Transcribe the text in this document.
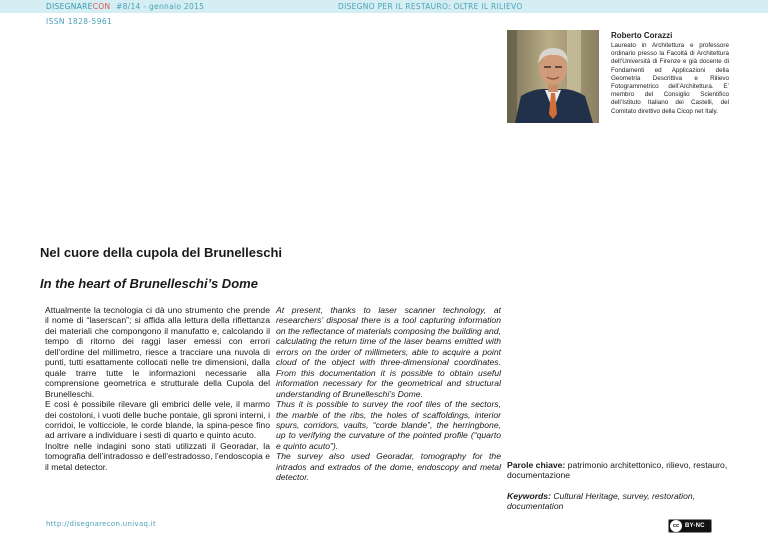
DISEGNARECON #8/14 - gennaio 2015	DISEGNO PER IL RESTAURO: OLTRE IL RILIEVO
ISSN 1828-5961
Roberto Corazzi
Laureato in Architettura e professore ordinario presso la Facoltà di Architettura dell’Università di Firenze e già docente di Fondamenti ed Applicazioni della Geometria Descrittiva e Rilievo Fotogrammetrico dell’Architettura. E’ membro del Consiglio Scientifico dell’Istituto Italiano dei Castelli, del Comitato direttivo della Cicop net Italy.
Nel cuore della cupola del Brunelleschi
In the heart of Brunelleschi’s Dome

Attualmente la tecnologia ci dà uno strumento che prende il nome di “laserscan”; si affida alla lettura della riflettanza dei materiali che compongono il manufatto e, calcolando il tempo di ritorno dei raggi laser emessi con errori dell’ordine del millimetro, riesce a tracciare una nuvola di punti, tutti esattamente collocati nelle tre dimensioni, dalla quale trarre tutte le informazioni necessarie alla comprensione geometrica e strutturale della Cupola del Brunelleschi.

E così è possibile rilevare gli embrici delle vele, il marmo dei costoloni, i vuoti delle buche pontaie, gli sproni interni, i corridoi, le volticciole, le corde blande, la spina-pesce fino ad arrivare a individuare i sesti di quarto e quinto acuto.

Inoltre nelle indagini sono stati utilizzati il Georadar, la tomografia dell’intradosso e dell’estradosso, l’endoscopia e il metal detector.

At present, thanks to laser scanner technology, at researchers’ disposal there is a tool capturing information on the reflectance of materials composing the building and, calculating the return time of the laser beams emitted with errors on the order of millimeters, able to acquire a point cloud of the object with three-dimensional coordinates. From this documentation it is possible to obtain useful information necessary for the geometrical and structural understanding of Brunelleschi’s Dome.

Thus it is possible to survey the roof tiles of the sectors, the marble of the ribs, the holes of scaffoldings, interior spurs, corridors, vaults, “corde blande”, the herringbone, up to verifying the curvature of the pointed profile (“quarto e quinto acuto”).

The survey also used Georadar, tomography for the intrados and extrados of the dome, endoscopy and metal detector.

Parole chiave: patrimonio architettonico, rilievo, restauro, documentazione
Keywords: Cultural Heritage, survey, restoration, documentation
http://disegnarecon.univaq.it	cc BY-NC
